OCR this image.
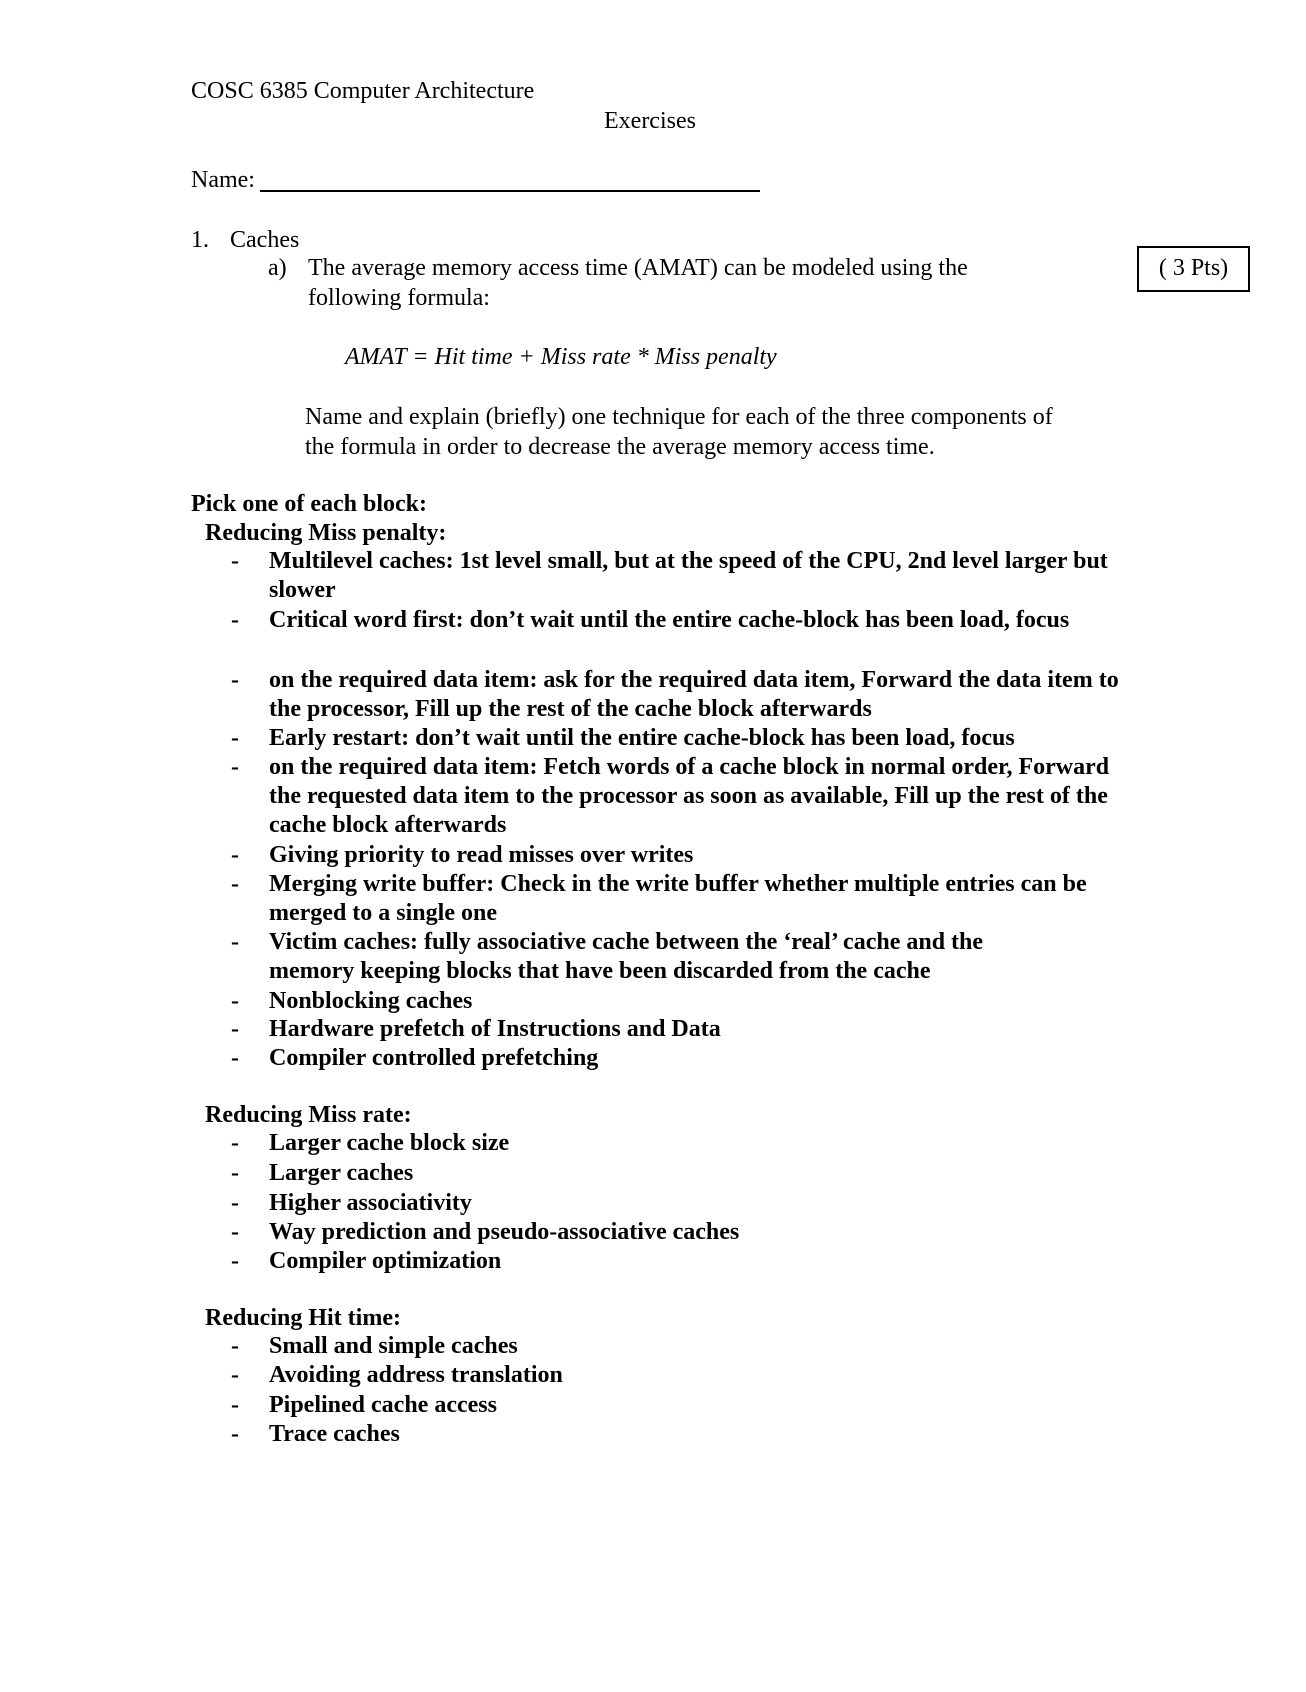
COSC 6385 Computer Architecture
Exercises
Name:
1. Caches
a) The average memory access time (AMAT) can be modeled using the
following formula:
( 3 Pts)
AMAT = Hit time + Miss rate * Miss penalty
Name and explain (briefly) one technique for each of the three components of
the formula in order to decrease the average memory access time.
Pick one of each block:
Reducing Miss penalty:
- Multilevel caches: 1st level small, but at the speed of the CPU, 2nd level larger but slower
- Critical word first: don’t wait until the entire cache-block has been load, focus
- on the required data item: ask for the required data item, Forward the data item to the processor, Fill up the rest of the cache block afterwards
- Early restart: don’t wait until the entire cache-block has been load, focus
- on the required data item: Fetch words of a cache block in normal order, Forward the requested data item to the processor as soon as available, Fill up the rest of the cache block afterwards
- Giving priority to read misses over writes
- Merging write buffer: Check in the write buffer whether multiple entries can be merged to a single one
- Victim caches: fully associative cache between the ‘real’ cache and the memory keeping blocks that have been discarded from the cache
- Nonblocking caches
- Hardware prefetch of Instructions and Data
- Compiler controlled prefetching
Reducing Miss rate:
- Larger cache block size
- Larger caches
- Higher associativity
- Way prediction and pseudo-associative caches
- Compiler optimization
Reducing Hit time:
- Small and simple caches
- Avoiding address translation
- Pipelined cache access
- Trace caches
